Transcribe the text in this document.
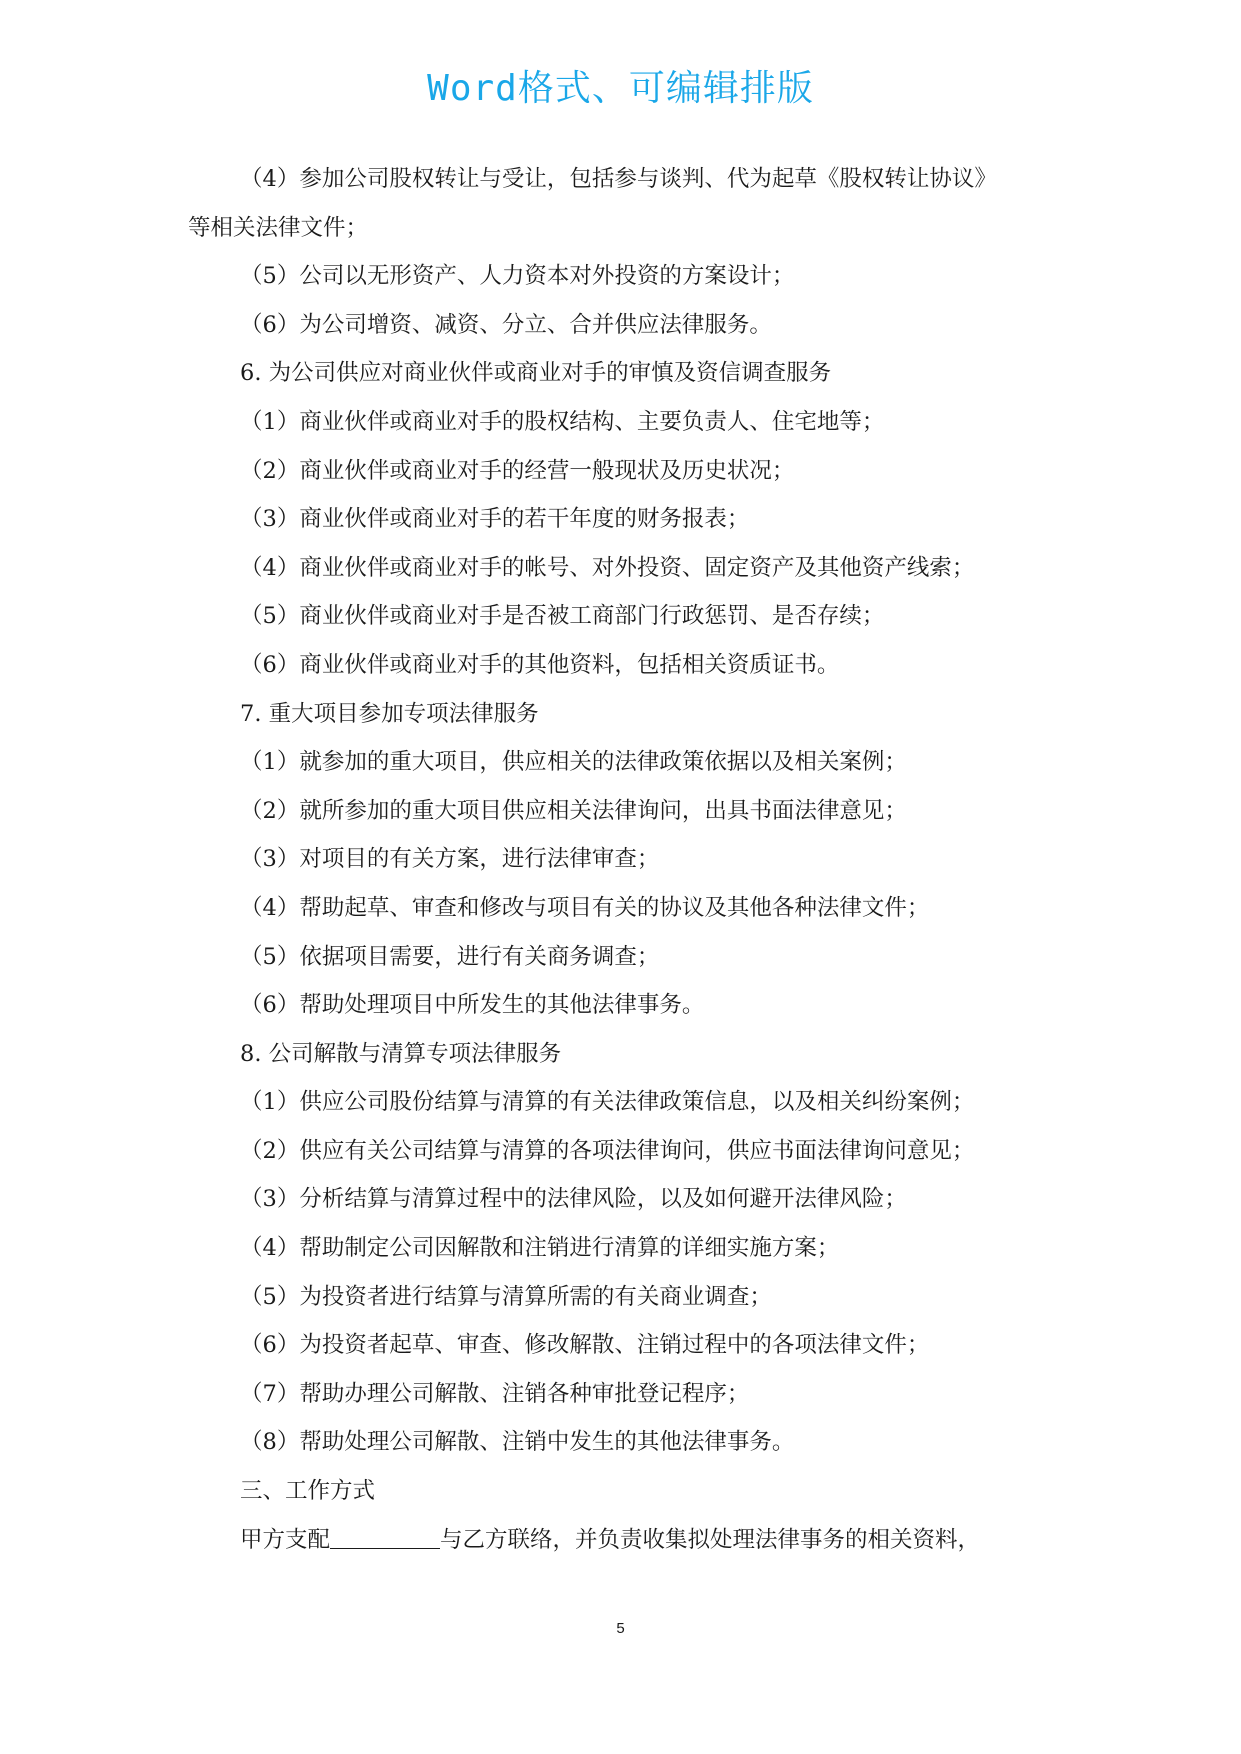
Word格式、可编辑排版
（4）参加公司股权转让与受让，包括参与谈判、代为起草《股权转让协议》
等相关法律文件；
（5）公司以无形资产、人力资本对外投资的方案设计；
（6）为公司增资、减资、分立、合并供应法律服务。
6. 为公司供应对商业伙伴或商业对手的审慎及资信调查服务
（1）商业伙伴或商业对手的股权结构、主要负责人、住宅地等；
（2）商业伙伴或商业对手的经营一般现状及历史状况；
（3）商业伙伴或商业对手的若干年度的财务报表；
（4）商业伙伴或商业对手的帐号、对外投资、固定资产及其他资产线索；
（5）商业伙伴或商业对手是否被工商部门行政惩罚、是否存续；
（6）商业伙伴或商业对手的其他资料，包括相关资质证书。
7. 重大项目参加专项法律服务
（1）就参加的重大项目，供应相关的法律政策依据以及相关案例；
（2）就所参加的重大项目供应相关法律询问，出具书面法律意见；
（3）对项目的有关方案，进行法律审查；
（4）帮助起草、审查和修改与项目有关的协议及其他各种法律文件；
（5）依据项目需要，进行有关商务调查；
（6）帮助处理项目中所发生的其他法律事务。
8. 公司解散与清算专项法律服务
（1）供应公司股份结算与清算的有关法律政策信息，以及相关纠纷案例；
（2）供应有关公司结算与清算的各项法律询问，供应书面法律询问意见；
（3）分析结算与清算过程中的法律风险，以及如何避开法律风险；
（4）帮助制定公司因解散和注销进行清算的详细实施方案；
（5）为投资者进行结算与清算所需的有关商业调查；
（6）为投资者起草、审查、修改解散、注销过程中的各项法律文件；
（7）帮助办理公司解散、注销各种审批登记程序；
（8）帮助处理公司解散、注销中发生的其他法律事务。
三、工作方式
甲方支配	与乙方联络，并负责收集拟处理法律事务的相关资料，
5
